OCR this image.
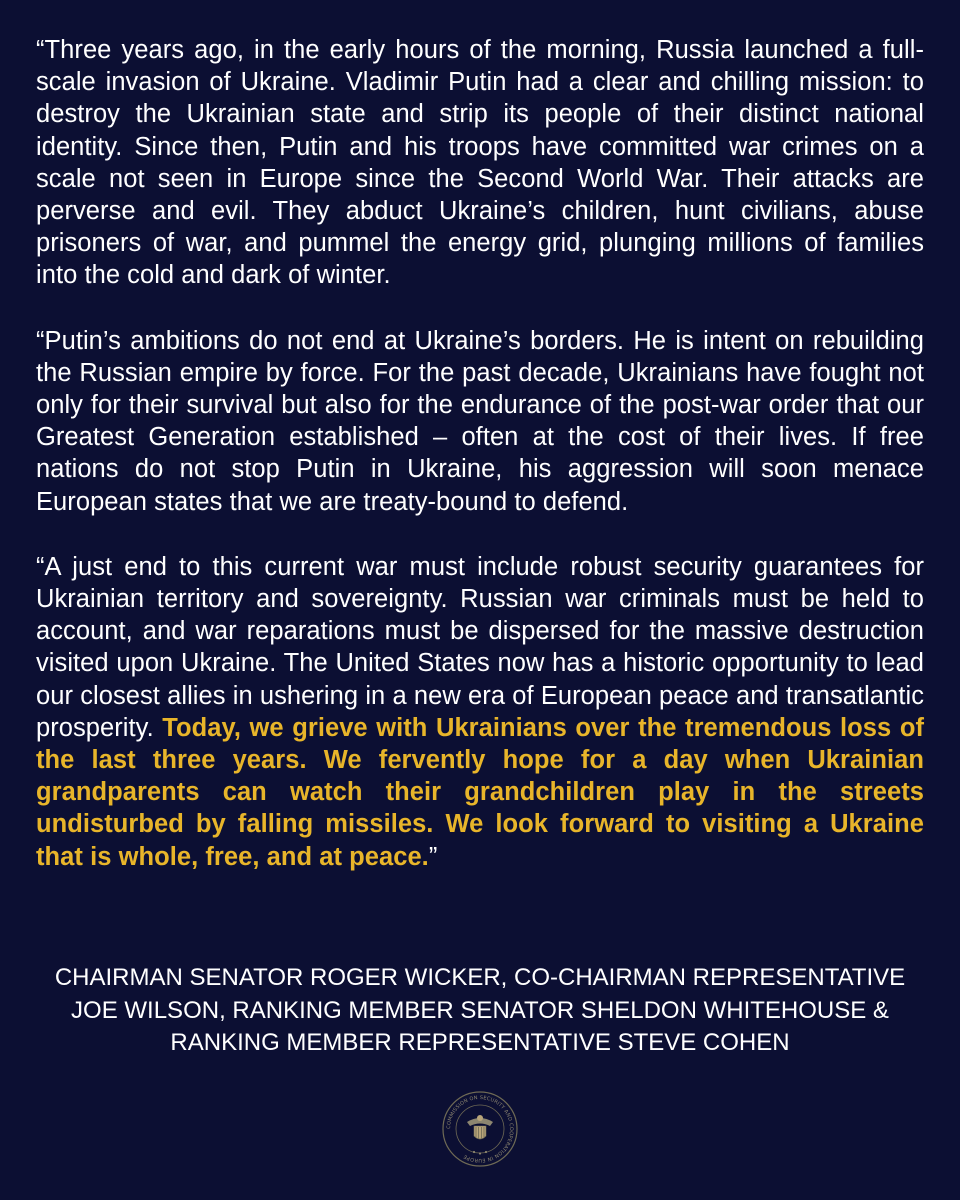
“Three years ago, in the early hours of the morning, Russia launched a full-scale invasion of Ukraine. Vladimir Putin had a clear and chilling mission: to destroy the Ukrainian state and strip its people of their distinct national identity. Since then, Putin and his troops have committed war crimes on a scale not seen in Europe since the Second World War. Their attacks are perverse and evil. They abduct Ukraine’s children, hunt civilians, abuse prisoners of war, and pummel the energy grid, plunging millions of families into the cold and dark of winter.

“Putin’s ambitions do not end at Ukraine’s borders. He is intent on rebuilding the Russian empire by force. For the past decade, Ukrainians have fought not only for their survival but also for the endurance of the post-war order that our Greatest Generation established – often at the cost of their lives. If free nations do not stop Putin in Ukraine, his aggression will soon menace European states that we are treaty-bound to defend.

“A just end to this current war must include robust security guarantees for Ukrainian territory and sovereignty. Russian war criminals must be held to account, and war reparations must be dispersed for the massive destruction visited upon Ukraine. The United States now has a historic opportunity to lead our closest allies in ushering in a new era of European peace and transatlantic prosperity. Today, we grieve with Ukrainians over the tremendous loss of the last three years. We fervently hope for a day when Ukrainian grandparents can watch their grandchildren play in the streets undisturbed by falling missiles. We look forward to visiting a Ukraine that is whole, free, and at peace.”

CHAIRMAN SENATOR ROGER WICKER, CO-CHAIRMAN REPRESENTATIVE
JOE WILSON, RANKING MEMBER SENATOR SHELDON WHITEHOUSE &
RANKING MEMBER REPRESENTATIVE STEVE COHEN
COMMISSION ON SECURITY AND COOPERATION IN EUROPE
